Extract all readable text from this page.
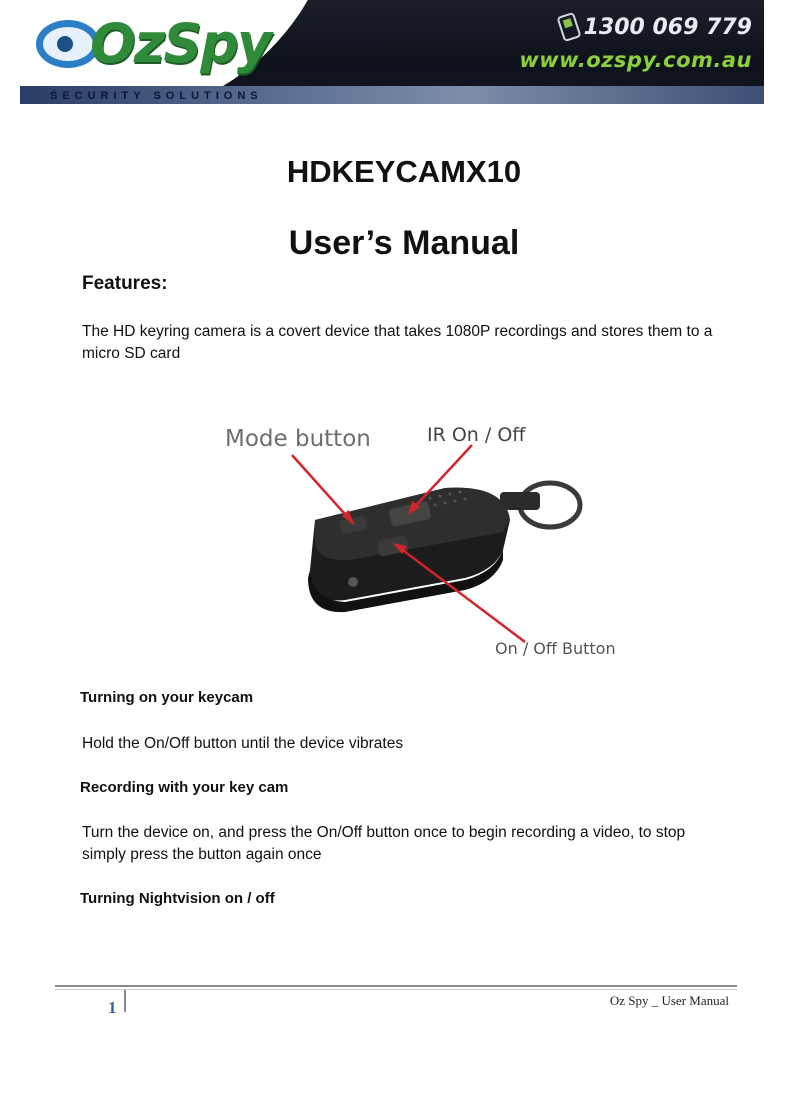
OzSpy
SECURITY SOLUTIONS
1300 069 779
www.ozspy.com.au
HDKEYCAMX10
User’s Manual
Features:
The HD keyring camera is a covert device that takes 1080P recordings and stores them to a micro SD card
Mode button	IR On / Off
On / Off Button
Turning on your keycam
Hold the On/Off button until the device vibrates
Recording with your key cam
Turn the device on, and press the On/Off button once to begin recording a video, to stop simply press the button again once
Turning Nightvision on / off
1	Oz Spy _ User Manual
